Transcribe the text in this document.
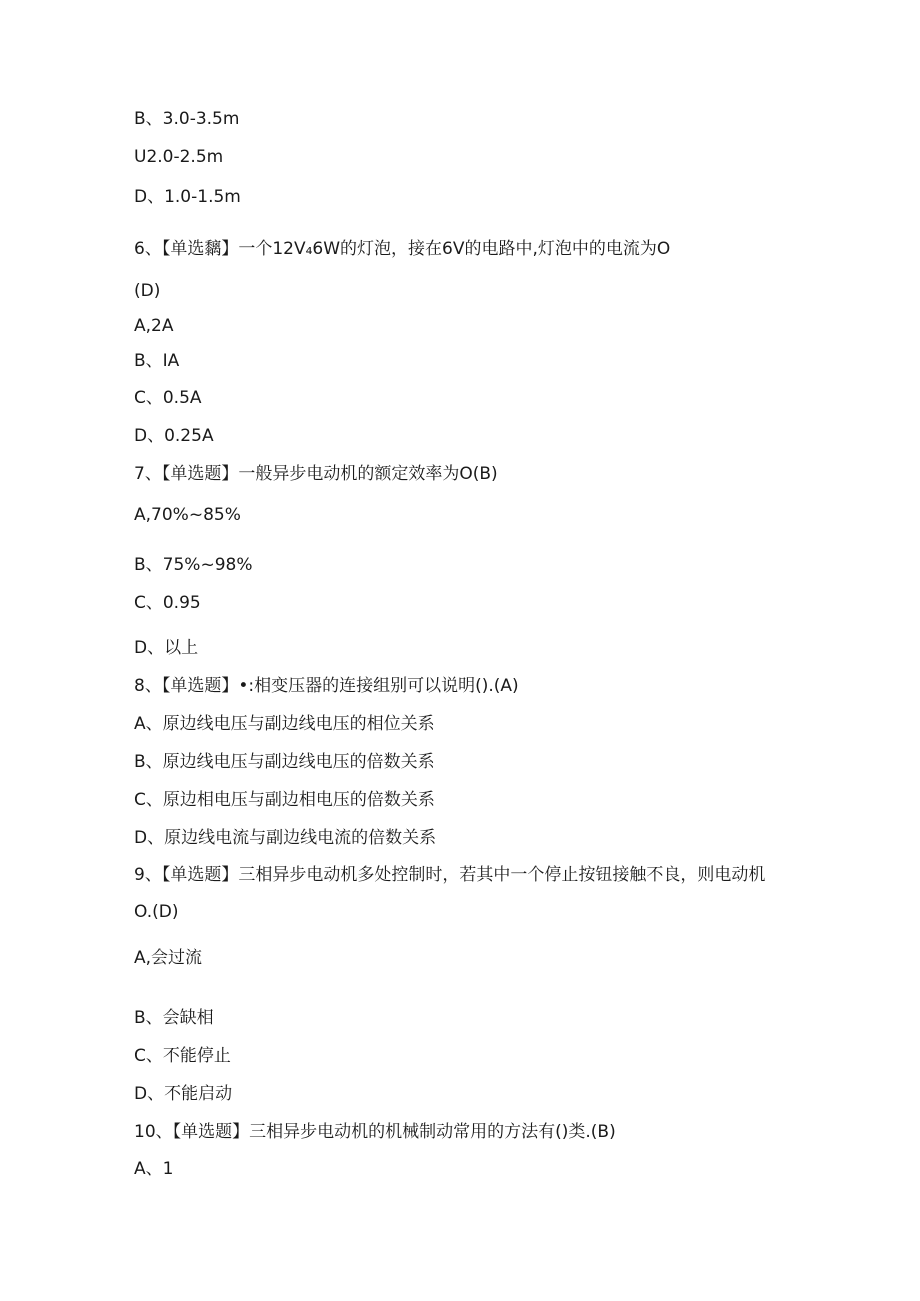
B、3.0-3.5m
U2.0-2.5m
D、1.0-1.5m
6、【单选黐】一个12V₄6W的灯泡，接在6V的电路中,灯泡中的电流为O
(D)
A,2A
B、IA
C、0.5A
D、0.25A
7、【单选题】一般异步电动机的额定效率为O(B)
A,70%~85%
B、75%~98%
C、0.95
D、以上
8、【单选题】•:相变压器的连接组别可以说明().(A)
A、原边线电压与副边线电压的相位关系
B、原边线电压与副边线电压的倍数关系
C、原边相电压与副边相电压的倍数关系
D、原边线电流与副边线电流的倍数关系
9、【单选题】三相异步电动机多处控制时，若其中一个停止按钮接触不良，则电动机
O.(D)
A,会过流
B、会缺相
C、不能停止
D、不能启动
10、【单选题】三相异步电动机的机械制动常用的方法有()类.(B)
A、1
